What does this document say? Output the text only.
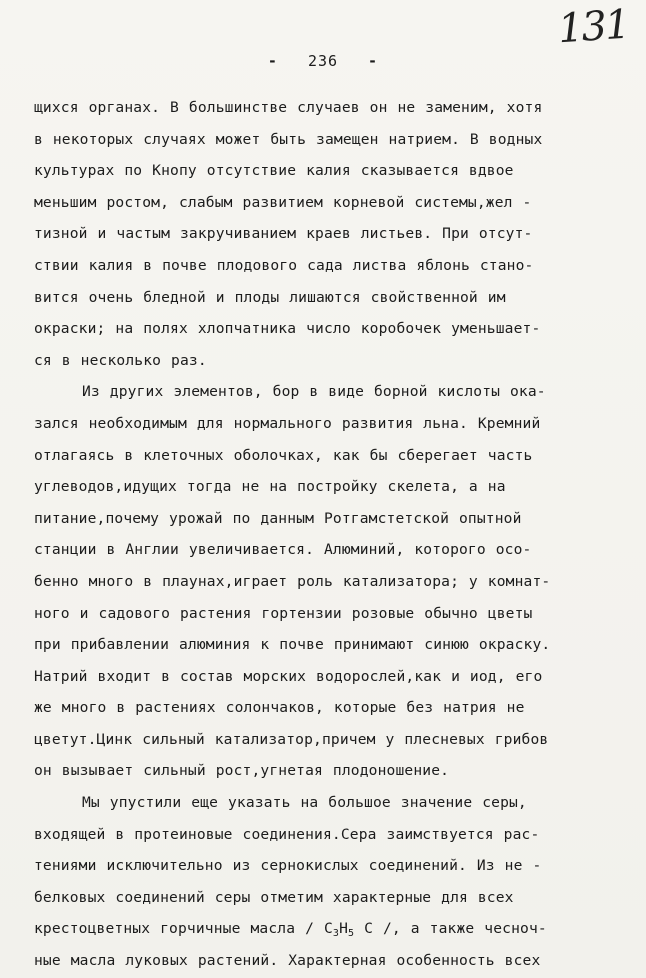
131
- 236 -
щихся органах. В большинстве случаев он не заменим, хотя
в некоторых случаях может быть замещен натрием. В водных
культурах по Кнопу отсутствие калия сказывается вдвое
меньшим ростом, слабым развитием корневой системы,жел -
тизной и частым закручиванием краев листьев. При отсут-
ствии калия в почве плодового сада листва яблонь стано-
вится очень бледной и плоды лишаются свойственной им
окраски; на полях хлопчатника число коробочек уменьшает-
ся в несколько раз.
Из других элементов, бор в виде борной кислоты ока-
зался необходимым для нормального развития льна. Кремний
отлагаясь в клеточных оболочках, как бы сберегает часть
углеводов,идущих тогда не на постройку скелета, а на
питание,почему урожай по данным Ротгамстетской опытной
станции в Англии увеличивается. Алюминий, которого осо-
бенно много в плаунах,играет роль катализатора; у комнат-
ного и садового растения гортензии розовые обычно цветы
при прибавлении алюминия к почве принимают синюю окраску.
Натрий входит в состав морских водорослей,как и иод, его
же много в растениях солончаков, которые без натрия не
цветут.Цинк сильный катализатор,причем у плесневых грибов
он вызывает сильный рост,угнетая плодоношение.
Мы упустили еще указать на большое значение серы,
входящей в протеиновые соединения.Сера заимствуется рас-
тениями исключительно из сернокислых соединений. Из не -
белковых соединений серы отметим характерные для всех
крестоцветных горчичные масла / $C_3H_5$ C /, а также чесноч-
ные масла луковых растений. Характерная особенность всех
